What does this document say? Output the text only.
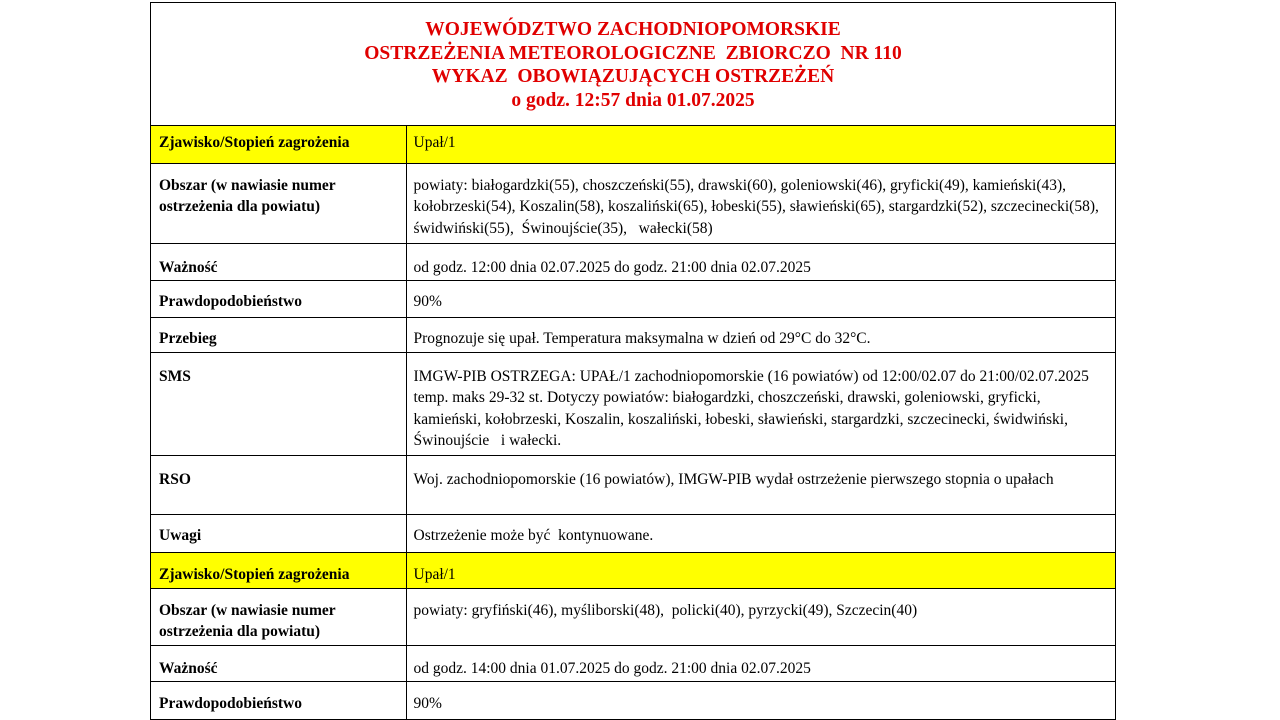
WOJEWÓDZTWO ZACHODNIOPOMORSKIE
OSTRZEŻENIA METEOROLOGICZNE  ZBIORCZO  NR 110
WYKAZ  OBOWIĄZUJĄCYCH OSTRZEŻEŃ
o godz. 12:57 dnia 01.07.2025
Zjawisko/Stopień zagrożenia	Upał/1
Obszar (w nawiasie numer ostrzeżenia dla powiatu)	powiaty: białogardzki(55), choszczeński(55), drawski(60), goleniowski(46), gryficki(49), kamieński(43), kołobrzeski(54), Koszalin(58), koszaliński(65), łobeski(55), sławieński(65), stargardzki(52), szczecinecki(58), świdwiński(55),  Świnoujście(35),   wałecki(58)
Ważność	od godz. 12:00 dnia 02.07.2025 do godz. 21:00 dnia 02.07.2025
Prawdopodobieństwo	90%
Przebieg	Prognozuje się upał. Temperatura maksymalna w dzień od 29°C do 32°C.
SMS	IMGW-PIB OSTRZEGA: UPAŁ/1 zachodniopomorskie (16 powiatów) od 12:00/02.07 do 21:00/02.07.2025 temp. maks 29-32 st. Dotyczy powiatów: białogardzki, choszczeński, drawski, goleniowski, gryficki, kamieński, kołobrzeski, Koszalin, koszaliński, łobeski, sławieński, stargardzki, szczecinecki, świdwiński,  Świnoujście   i wałecki.
RSO	Woj. zachodniopomorskie (16 powiatów), IMGW-PIB wydał ostrzeżenie pierwszego stopnia o upałach
Uwagi	Ostrzeżenie może być  kontynuowane.
Zjawisko/Stopień zagrożenia	Upał/1
Obszar (w nawiasie numer ostrzeżenia dla powiatu)	powiaty: gryfiński(46), myśliborski(48),  policki(40), pyrzycki(49), Szczecin(40)
Ważność	od godz. 14:00 dnia 01.07.2025 do godz. 21:00 dnia 02.07.2025
Prawdopodobieństwo	90%
